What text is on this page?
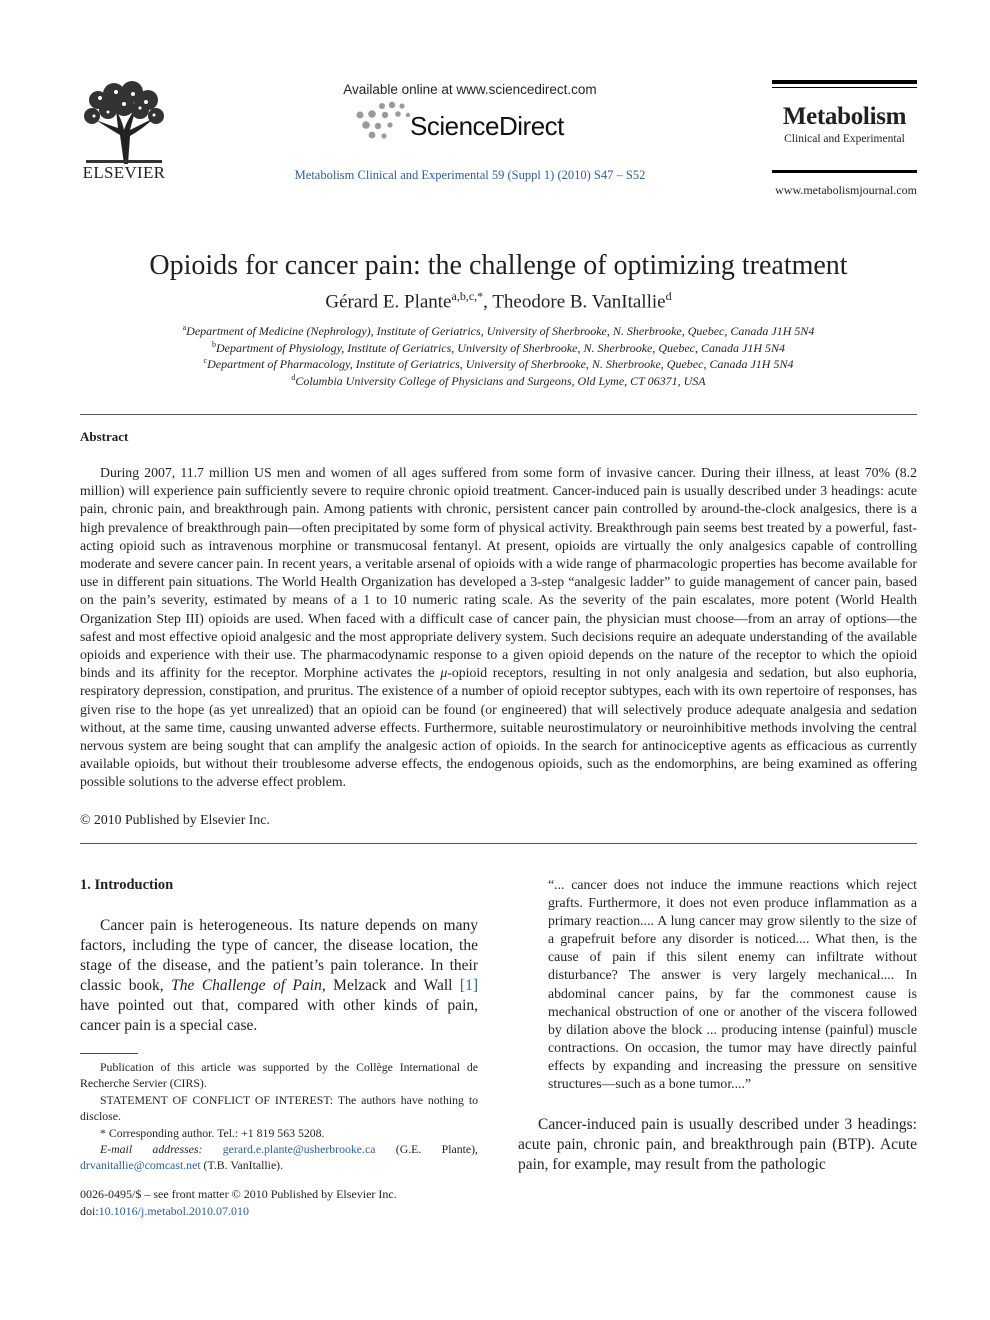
ELSEVIER
Available online at www.sciencedirect.com
ScienceDirect
Metabolism Clinical and Experimental 59 (Suppl 1) (2010) S47 – S52
Metabolism
Clinical and Experimental
www.metabolismjournal.com
Opioids for cancer pain: the challenge of optimizing treatment
Gérard E. Plante$^{a,b,c,*}$, Theodore B. VanItallie$^d$
$^a$Department of Medicine (Nephrology), Institute of Geriatrics, University of Sherbrooke, N. Sherbrooke, Quebec, Canada J1H 5N4
$^b$Department of Physiology, Institute of Geriatrics, University of Sherbrooke, N. Sherbrooke, Quebec, Canada J1H 5N4
$^c$Department of Pharmacology, Institute of Geriatrics, University of Sherbrooke, N. Sherbrooke, Quebec, Canada J1H 5N4
$^d$Columbia University College of Physicians and Surgeons, Old Lyme, CT 06371, USA
Abstract
During 2007, 11.7 million US men and women of all ages suffered from some form of invasive cancer. During their illness, at least 70% (8.2 million) will experience pain sufficiently severe to require chronic opioid treatment. Cancer-induced pain is usually described under 3 headings: acute pain, chronic pain, and breakthrough pain. Among patients with chronic, persistent cancer pain controlled by around-the-clock analgesics, there is a high prevalence of breakthrough pain—often precipitated by some form of physical activity. Breakthrough pain seems best treated by a powerful, fast-acting opioid such as intravenous morphine or transmucosal fentanyl. At present, opioids are virtually the only analgesics capable of controlling moderate and severe cancer pain. In recent years, a veritable arsenal of opioids with a wide range of pharmacologic properties has become available for use in different pain situations. The World Health Organization has developed a 3-step “analgesic ladder” to guide management of cancer pain, based on the pain’s severity, estimated by means of a 1 to 10 numeric rating scale. As the severity of the pain escalates, more potent (World Health Organization Step III) opioids are used. When faced with a difficult case of cancer pain, the physician must choose—from an array of options—the safest and most effective opioid analgesic and the most appropriate delivery system. Such decisions require an adequate understanding of the available opioids and experience with their use. The pharmacodynamic response to a given opioid depends on the nature of the receptor to which the opioid binds and its affinity for the receptor. Morphine activates the μ-opioid receptors, resulting in not only analgesia and sedation, but also euphoria, respiratory depression, constipation, and pruritus. The existence of a number of opioid receptor subtypes, each with its own repertoire of responses, has given rise to the hope (as yet unrealized) that an opioid can be found (or engineered) that will selectively produce adequate analgesia and sedation without, at the same time, causing unwanted adverse effects. Furthermore, suitable neurostimulatory or neuroinhibitive methods involving the central nervous system are being sought that can amplify the analgesic action of opioids. In the search for antinociceptive agents as efficacious as currently available opioids, but without their troublesome adverse effects, the endogenous opioids, such as the endomorphins, are being examined as offering possible solutions to the adverse effect problem.
© 2010 Published by Elsevier Inc.
1. Introduction
Cancer pain is heterogeneous. Its nature depends on many factors, including the type of cancer, the disease location, the stage of the disease, and the patient’s pain tolerance. In their classic book, The Challenge of Pain, Melzack and Wall [1] have pointed out that, compared with other kinds of pain, cancer pain is a special case.
Publication of this article was supported by the Collège International de Recherche Servier (CIRS).
STATEMENT OF CONFLICT OF INTEREST: The authors have nothing to disclose.
* Corresponding author. Tel.: +1 819 563 5208.
E-mail addresses: gerard.e.plante@usherbrooke.ca (G.E. Plante), drvanitallie@comcast.net (T.B. VanItallie).
0026-0495/$ – see front matter © 2010 Published by Elsevier Inc.
doi:10.1016/j.metabol.2010.07.010
“... cancer does not induce the immune reactions which reject grafts. Furthermore, it does not even produce inflammation as a primary reaction.... A lung cancer may grow silently to the size of a grapefruit before any disorder is noticed.... What then, is the cause of pain if this silent enemy can infiltrate without disturbance? The answer is very largely mechanical.... In abdominal cancer pains, by far the commonest cause is mechanical obstruction of one or another of the viscera followed by dilation above the block ... producing intense (painful) muscle contractions. On occasion, the tumor may have directly painful effects by expanding and increasing the pressure on sensitive structures—such as a bone tumor....”
Cancer-induced pain is usually described under 3 headings: acute pain, chronic pain, and breakthrough pain (BTP). Acute pain, for example, may result from the pathologic
